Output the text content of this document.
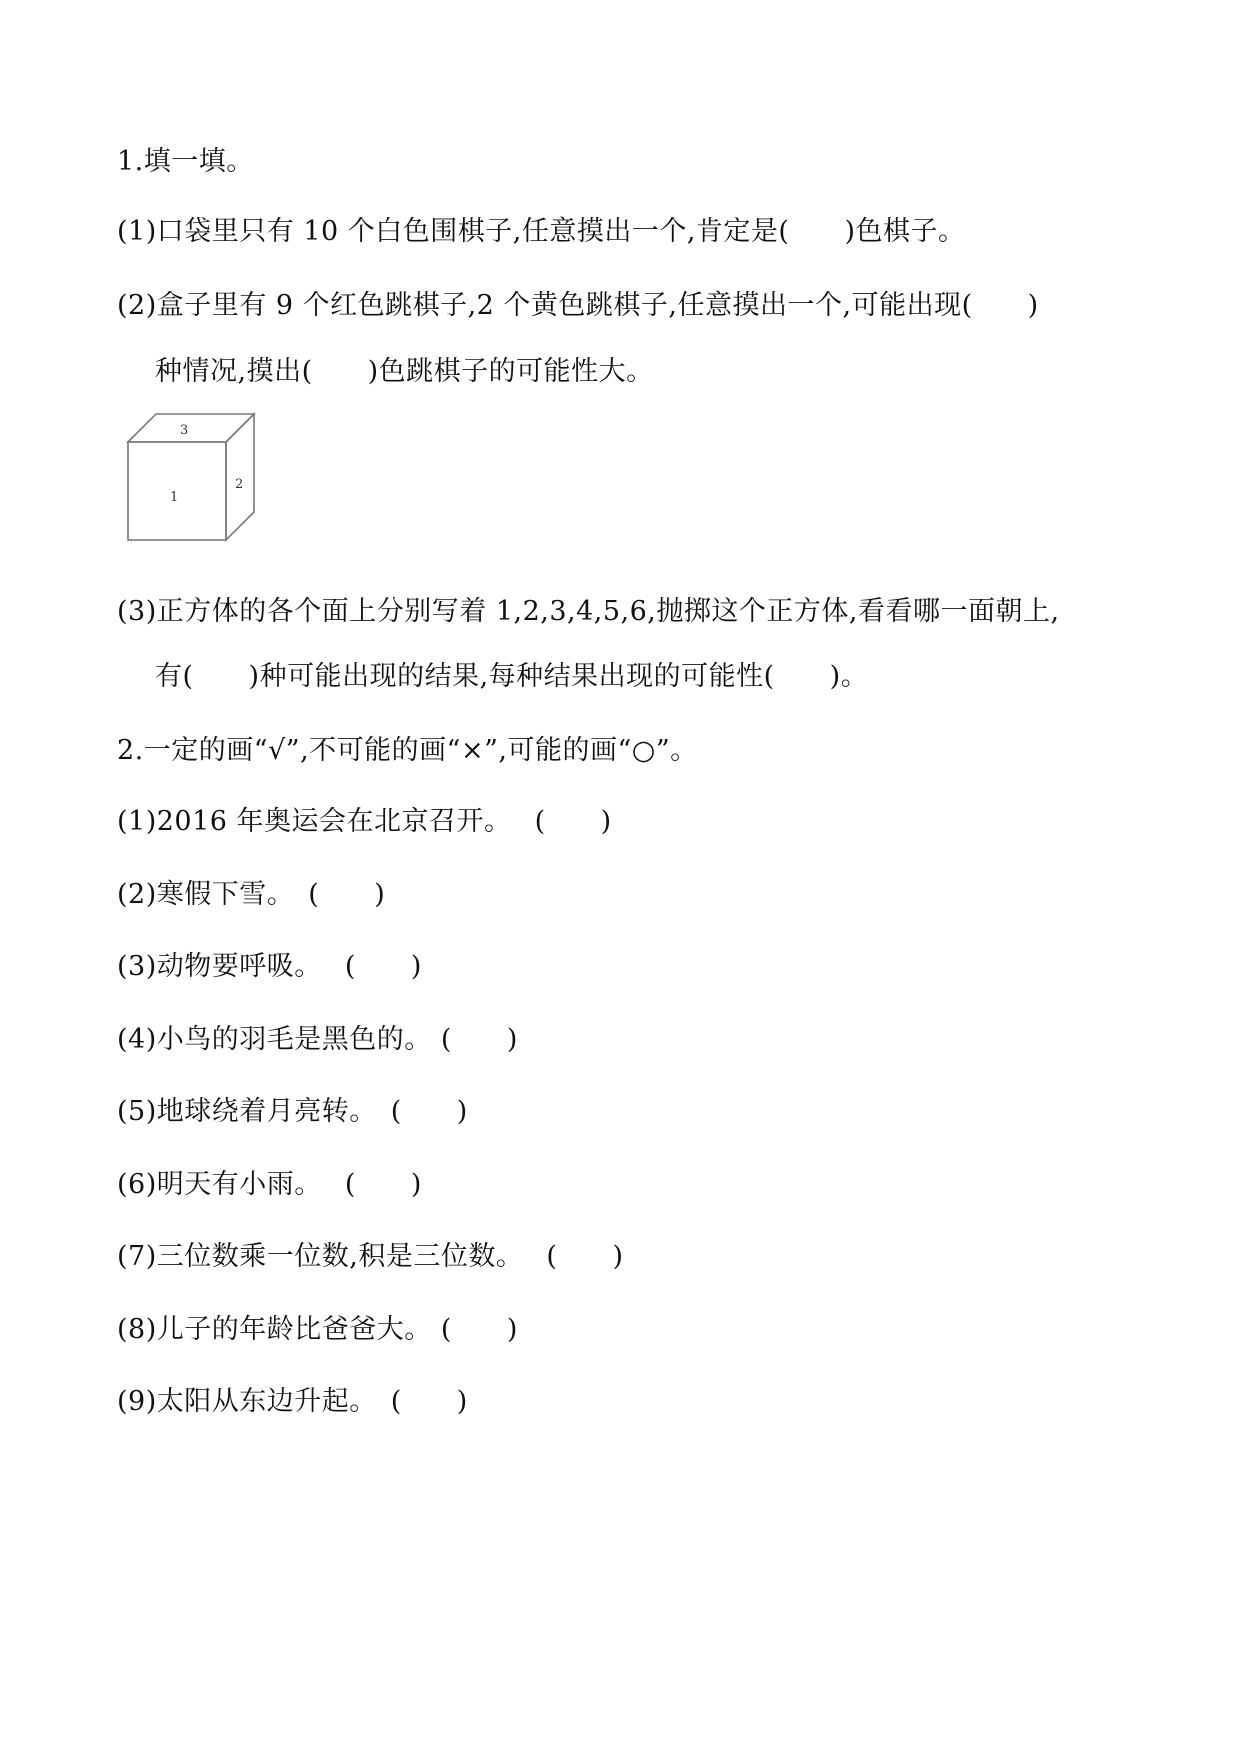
1.填一填。
(1)口袋里只有 10 个白色围棋子,任意摸出一个,肯定是(　　)色棋子。
(2)盒子里有 9 个红色跳棋子,2 个黄色跳棋子,任意摸出一个,可能出现(　　)
种情况,摸出(　　)色跳棋子的可能性大。
1
2
3
(3)正方体的各个面上分别写着 1,2,3,4,5,6,抛掷这个正方体,看看哪一面朝上,
有(　　)种可能出现的结果,每种结果出现的可能性(　　)。
2.一定的画“√”,不可能的画“×”,可能的画“○”。
(1)2016 年奥运会在北京召开。　 (　　)
(2)寒假下雪。　(　　)
(3)动物要呼吸。　 (　　)
(4)小鸟的羽毛是黑色的。 (　　)
(5)地球绕着月亮转。　(　　)
(6)明天有小雨。　 (　　)
(7)三位数乘一位数,积是三位数。　 (　　)
(8)儿子的年龄比爸爸大。 (　　)
(9)太阳从东边升起。　(　　)
